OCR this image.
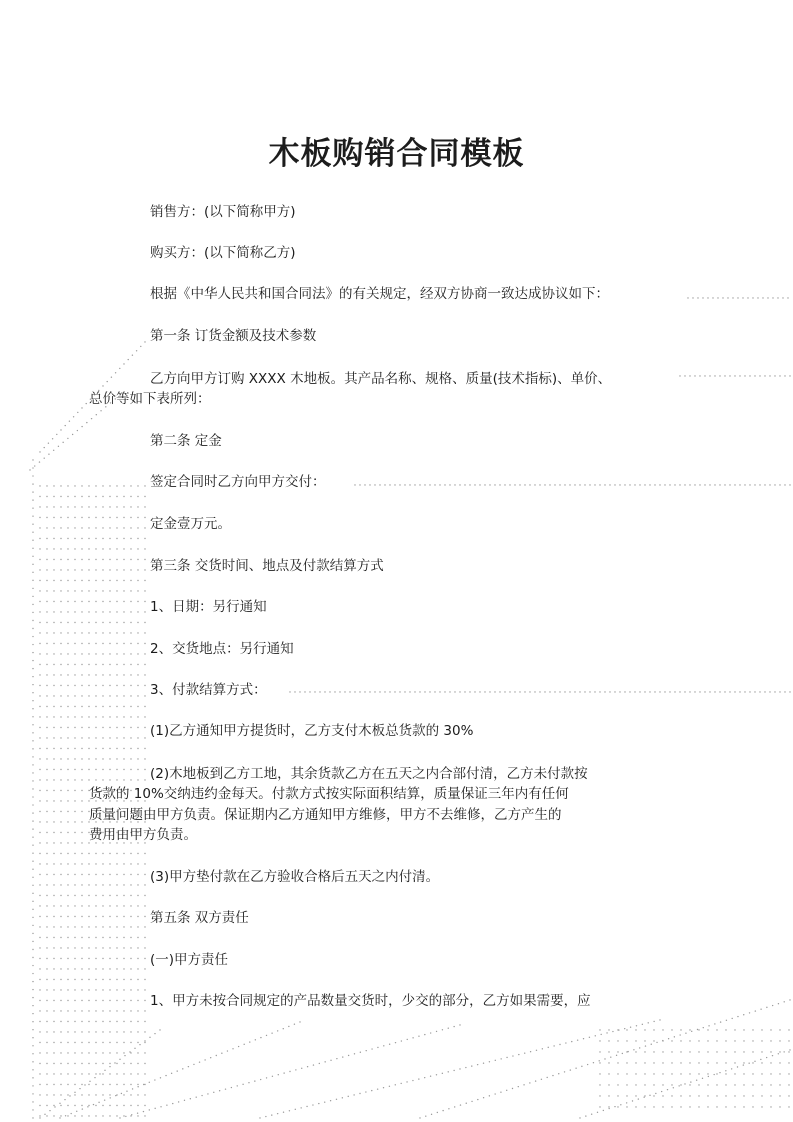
木板购销合同模板

销售方：(以下简称甲方)

购买方：(以下简称乙方)

根据《中华人民共和国合同法》的有关规定，经双方协商一致达成协议如下：

第一条 订货金额及技术参数

乙方向甲方订购 XXXX 木地板。其产品名称、规格、质量(技术指标)、单价、

总价等如下表所列：

第二条 定金

签定合同时乙方向甲方交付：

定金壹万元。

第三条 交货时间、地点及付款结算方式

1、日期：另行通知

2、交货地点：另行通知

3、付款结算方式：

(1)乙方通知甲方提货时，乙方支付木板总货款的 30%

(2)木地板到乙方工地，其余货款乙方在五天之内合部付清，乙方未付款按

货款的 10%交纳违约金每天。付款方式按实际面积结算，质量保证三年内有任何

质量问题由甲方负责。保证期内乙方通知甲方维修，甲方不去维修，乙方产生的

费用由甲方负责。

(3)甲方垫付款在乙方验收合格后五天之内付清。

第五条 双方责任

(一)甲方责任

1、甲方未按合同规定的产品数量交货时，少交的部分，乙方如果需要，应
